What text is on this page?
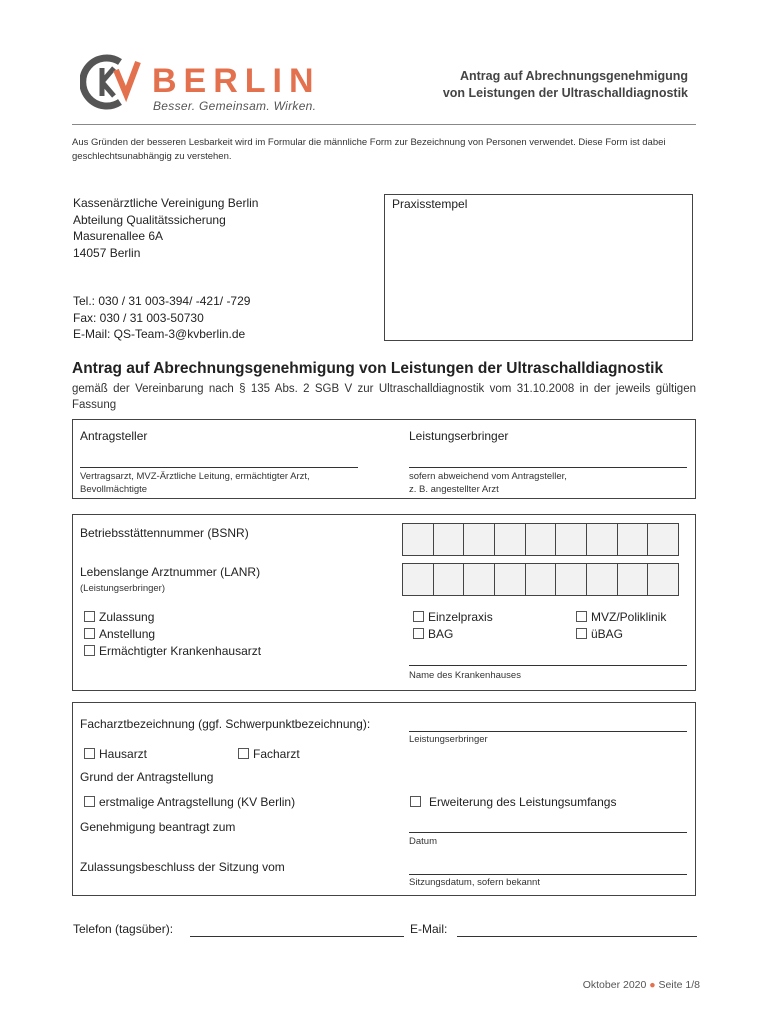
BERLIN
Besser. Gemeinsam. Wirken.
Antrag auf Abrechnungsgenehmigung
von Leistungen der Ultraschalldiagnostik
Aus Gründen der besseren Lesbarkeit wird im Formular die männliche Form zur Bezeichnung von Personen verwendet. Diese Form ist dabei geschlechtsunabhängig zu verstehen.
Kassenärztliche Vereinigung Berlin
Abteilung Qualitätssicherung
Masurenallee 6A
14057 Berlin
Tel.: 030 / 31 003-394/ -421/ -729
Fax: 030 / 31 003-50730
E-Mail: QS-Team-3@kvberlin.de
Praxisstempel
Antrag auf Abrechnungsgenehmigung von Leistungen der Ultraschalldiagnostik
gemäß der Vereinbarung nach § 135 Abs. 2 SGB V zur Ultraschalldiagnostik vom 31.10.2008 in der jeweils gültigen Fassung
Antragsteller
Vertragsarzt, MVZ-Ärztliche Leitung, ermächtigter Arzt,
Bevollmächtigte
Leistungserbringer
sofern abweichend vom Antragsteller,
z. B. angestellter Arzt
Betriebsstättennummer (BSNR)
Lebenslange Arztnummer (LANR)
(Leistungserbringer)
Zulassung
Anstellung
Ermächtigter Krankenhausarzt
Einzelpraxis
BAG
MVZ/Poliklinik
üBAG
Name des Krankenhauses
Facharztbezeichnung (ggf. Schwerpunktbezeichnung):
Leistungserbringer
Hausarzt	Facharzt
Grund der Antragstellung
erstmalige Antragstellung (KV Berlin)	Erweiterung des Leistungsumfangs
Genehmigung beantragt zum
Datum
Zulassungsbeschluss der Sitzung vom
Sitzungsdatum, sofern bekannt
Telefon (tagsüber):	E-Mail:
Oktober 2020 ● Seite 1/8
